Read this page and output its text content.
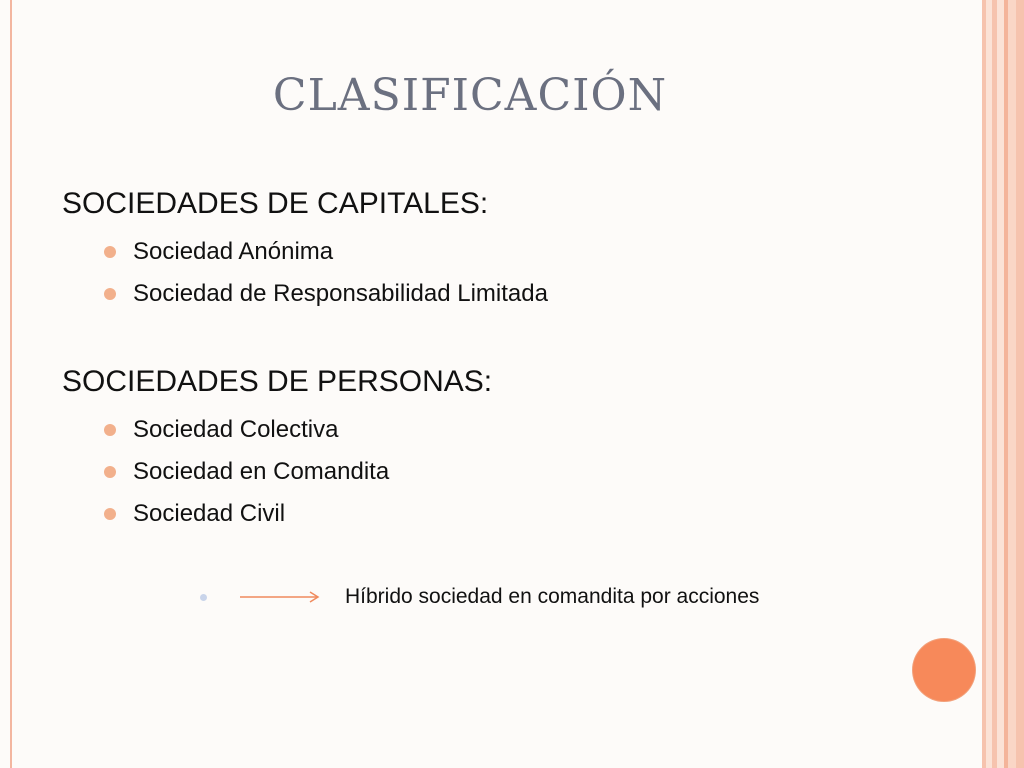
CLASIFICACIÓN
SOCIEDADES DE CAPITALES:
Sociedad Anónima
Sociedad de Responsabilidad Limitada
SOCIEDADES DE PERSONAS:
Sociedad Colectiva
Sociedad en Comandita
Sociedad Civil
Híbrido sociedad en comandita por acciones
